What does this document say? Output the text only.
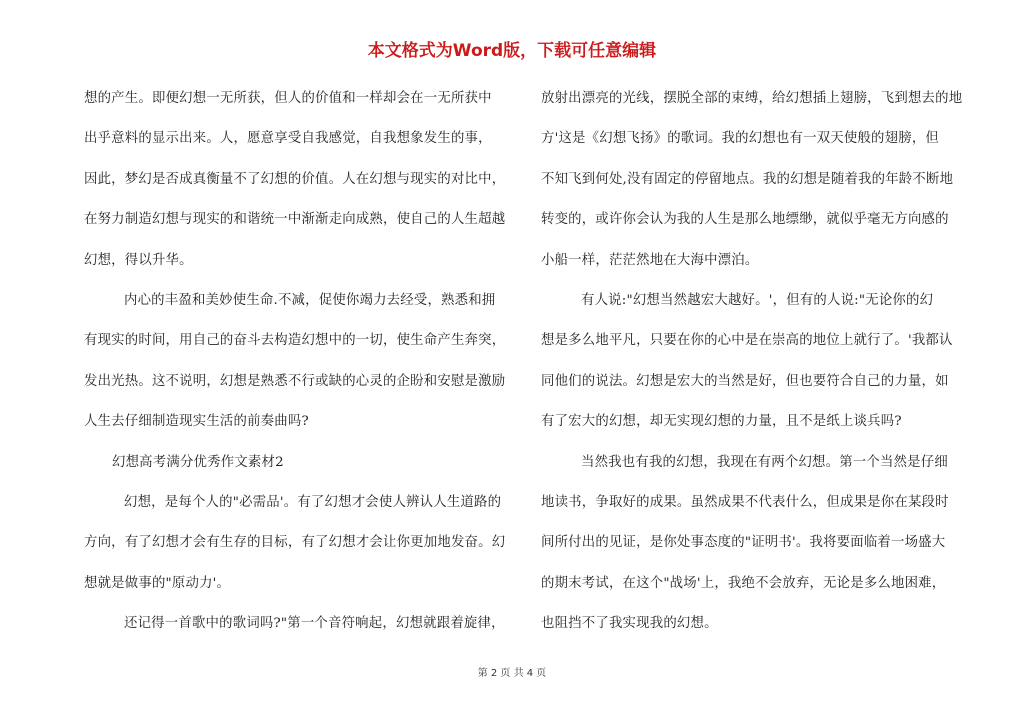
本文格式为Word版，下载可任意编辑
想的产生。即便幻想一无所获，但人的价值和一样却会在一无所获中
出乎意料的显示出来。人，愿意享受自我感觉，自我想象发生的事，
因此，梦幻是否成真衡量不了幻想的价值。人在幻想与现实的对比中，
在努力制造幻想与现实的和谐统一中渐渐走向成熟，使自己的人生超越
幻想，得以升华。
内心的丰盈和美妙使生命.不减，促使你竭力去经受，熟悉和拥
有现实的时间，用自己的奋斗去构造幻想中的一切，使生命产生奔突，
发出光热。这不说明，幻想是熟悉不行或缺的心灵的企盼和安慰是激励
人生去仔细制造现实生活的前奏曲吗?
幻想高考满分优秀作文素材2
幻想，是每个人的"必需品'。有了幻想才会使人辨认人生道路的
方向，有了幻想才会有生存的目标，有了幻想才会让你更加地发奋。幻
想就是做事的"原动力'。
还记得一首歌中的歌词吗?"第一个音符响起，幻想就跟着旋律，
放射出漂亮的光线，摆脱全部的束缚，给幻想插上翅膀，飞到想去的地
方'这是《幻想飞扬》的歌词。我的幻想也有一双天使般的翅膀，但
不知飞到何处,没有固定的停留地点。我的幻想是随着我的年龄不断地
转变的，或许你会认为我的人生是那么地缥缈，就似乎毫无方向感的
小船一样，茫茫然地在大海中漂泊。
有人说:"幻想当然越宏大越好。'，但有的人说:"无论你的幻
想是多么地平凡，只要在你的心中是在崇高的地位上就行了。'我都认
同他们的说法。幻想是宏大的当然是好，但也要符合自己的力量，如
有了宏大的幻想，却无实现幻想的力量，且不是纸上谈兵吗?
当然我也有我的幻想，我现在有两个幻想。第一个当然是仔细
地读书，争取好的成果。虽然成果不代表什么，但成果是你在某段时
间所付出的见证，是你处事态度的"证明书'。我将要面临着一场盛大
的期末考试，在这个"战场'上，我绝不会放弃，无论是多么地困难，
也阻挡不了我实现我的幻想。
第 2 页 共 4 页
